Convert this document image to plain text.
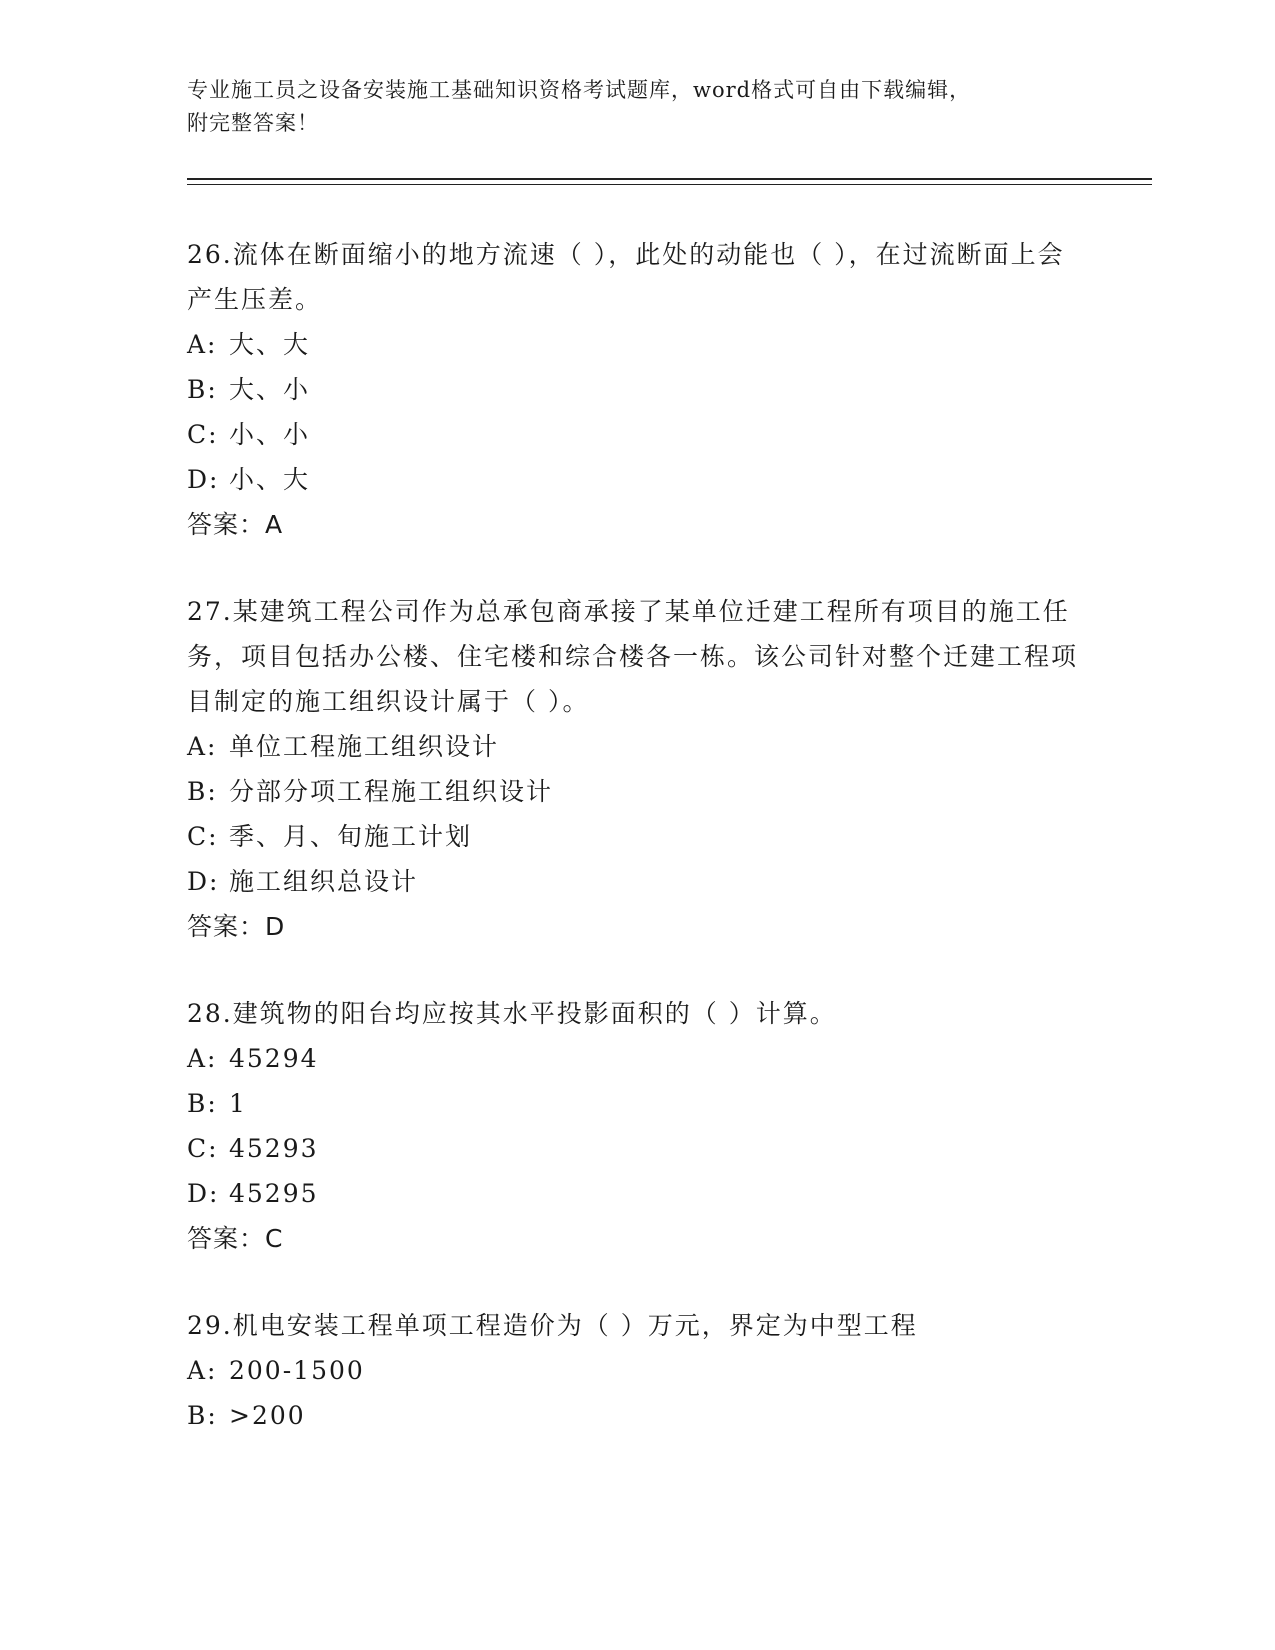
专业施工员之设备安装施工基础知识资格考试题库，word格式可自由下载编辑，
附完整答案！
26.流体在断面缩小的地方流速（ ），此处的动能也（ ），在过流断面上会产生压差。
A: 大、大
B: 大、小
C: 小、小
D: 小、大
答案：A
27.某建筑工程公司作为总承包商承接了某单位迁建工程所有项目的施工任务，项目包括办公楼、住宅楼和综合楼各一栋。该公司针对整个迁建工程项目制定的施工组织设计属于（ ）。
A: 单位工程施工组织设计
B: 分部分项工程施工组织设计
C: 季、月、旬施工计划
D: 施工组织总设计
答案：D
28.建筑物的阳台均应按其水平投影面积的（ ）计算。
A: 45294
B: 1
C: 45293
D: 45295
答案：C
29.机电安装工程单项工程造价为（ ）万元，界定为中型工程
A: 200-1500
B: >200
